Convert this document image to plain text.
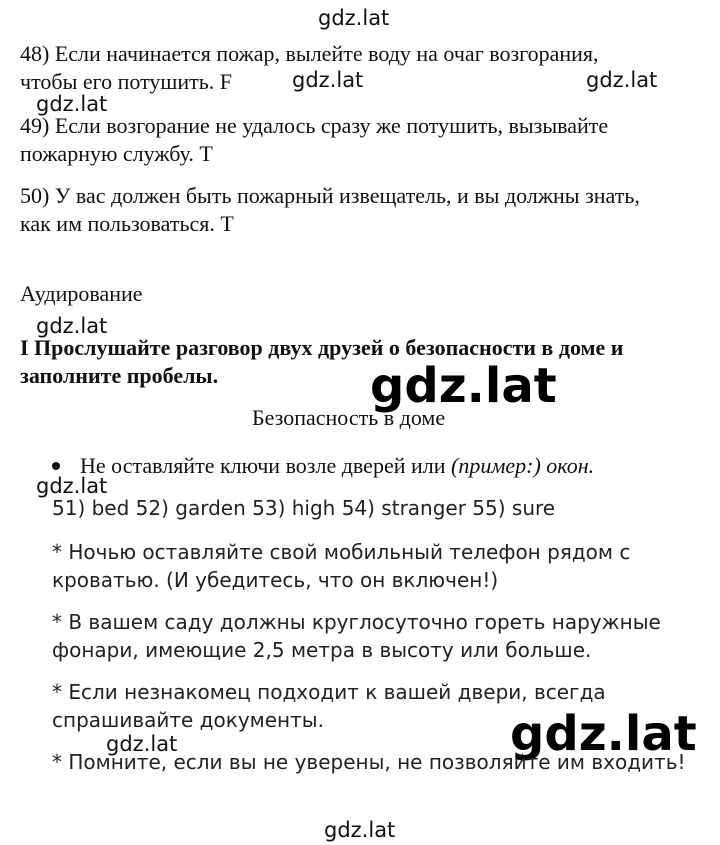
gdz.lat
48) Если начинается пожар, вылейте воду на очаг возгорания,
чтобы его потушить. F	gdz.lat	gdz.lat
gdz.lat
49) Если возгорание не удалось сразу же потушить, вызывайте
пожарную службу. T
50) У вас должен быть пожарный извещатель, и вы должны знать,
как им пользоваться. T
Аудирование
gdz.lat
I Прослушайте разговор двух друзей о безопасности в доме и
заполните пробелы.
Безопасность в доме
gdz.lat
Не оставляйте ключи возле дверей или (пример:) окон.
gdz.lat
51) bed 52) garden 53) high 54) stranger 55) sure
* Ночью оставляйте свой мобильный телефон рядом с
кроватью. (И убедитесь, что он включен!)
* В вашем саду должны круглосуточно гореть наружные
фонари, имеющие 2,5 метра в высоту или больше.
* Если незнакомец подходит к вашей двери, всегда
спрашивайте документы.
gdz.lat	gdz.lat
* Помните, если вы не уверены, не позволяйте им входить!
gdz.lat
